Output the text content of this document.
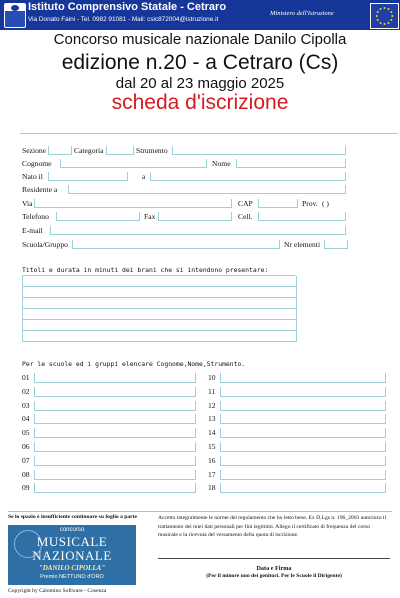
Istituto Comprensivo Statale - Cetraro
Via Donato Faini - Tel. 0982 91081 - Mail: csic872004@istruzione.it
Ministero dell'Istruzione
Concorso musicale nazionale Danilo Cipolla
edizione n.20 - a Cetraro (Cs)
dal 20 al 23 maggio 2025
scheda d'iscrizione
Sezione	Categoria	Strumento
Cognome	Nome
Nato il	a
Residente a
Via	CAP	Prov. ( )
Telefono	Fax	Cell.
E-mail
Scuola/Gruppo	Nr elementi
Titoli e durata in minuti dei brani che si intendono presentare:
Per le scuole ed i gruppi elencare Cognome,Nome,Strumento.
01
02
03
04
05
06
07
08
09
10
11
12
13
14
15
16
17
18
Se lo spazio è insufficiente continuare su foglio a parte
concorso
MUSICALE
NAZIONALE
"DANILO CIPOLLA"
Premio NETTUNO d'ORO
Accetto integralmente le norme del regolamento che ho letto bene. Ex D.Lgs n. 196_2003 autorizzo il trattamento dei miei dati personali per fini legittimi. Allego il certificato di frequenza del corso musicale e la ricevuta del versamento della quota di iscrizione.
Data e Firma
(Per il minore uno dei genitori. Per le Scuole il Dirigente)
Copyright by Calomino Software - Cosenza
